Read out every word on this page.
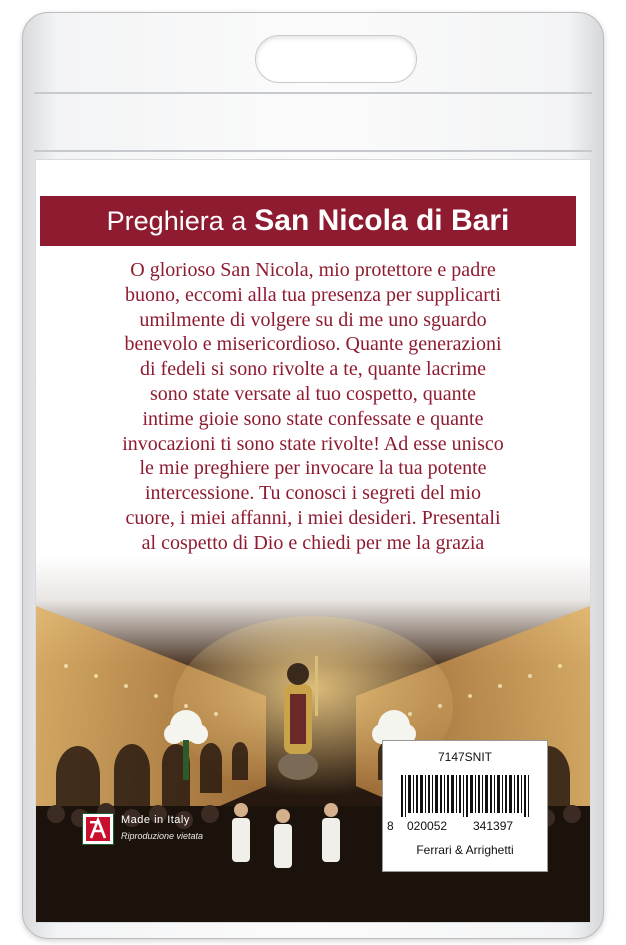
Preghiera a San Nicola di Bari
O glorioso San Nicola, mio protettore e padre
buono, eccomi alla tua presenza per supplicarti
umilmente di volgere su di me uno sguardo
benevolo e misericordioso. Quante generazioni
di fedeli si sono rivolte a te, quante lacrime
sono state versate al tuo cospetto, quante
intime gioie sono state confessate e quante
invocazioni ti sono state rivolte! Ad esse unisco
le mie preghiere per invocare la tua potente
intercessione. Tu conosci i segreti del mio
cuore, i miei affanni, i miei desideri. Presentali
al cospetto di Dio e chiedi per me la grazia
Made in Italy
Riproduzione vietata
7147SNIT
8 020052 341397
Ferrari & Arrighetti
